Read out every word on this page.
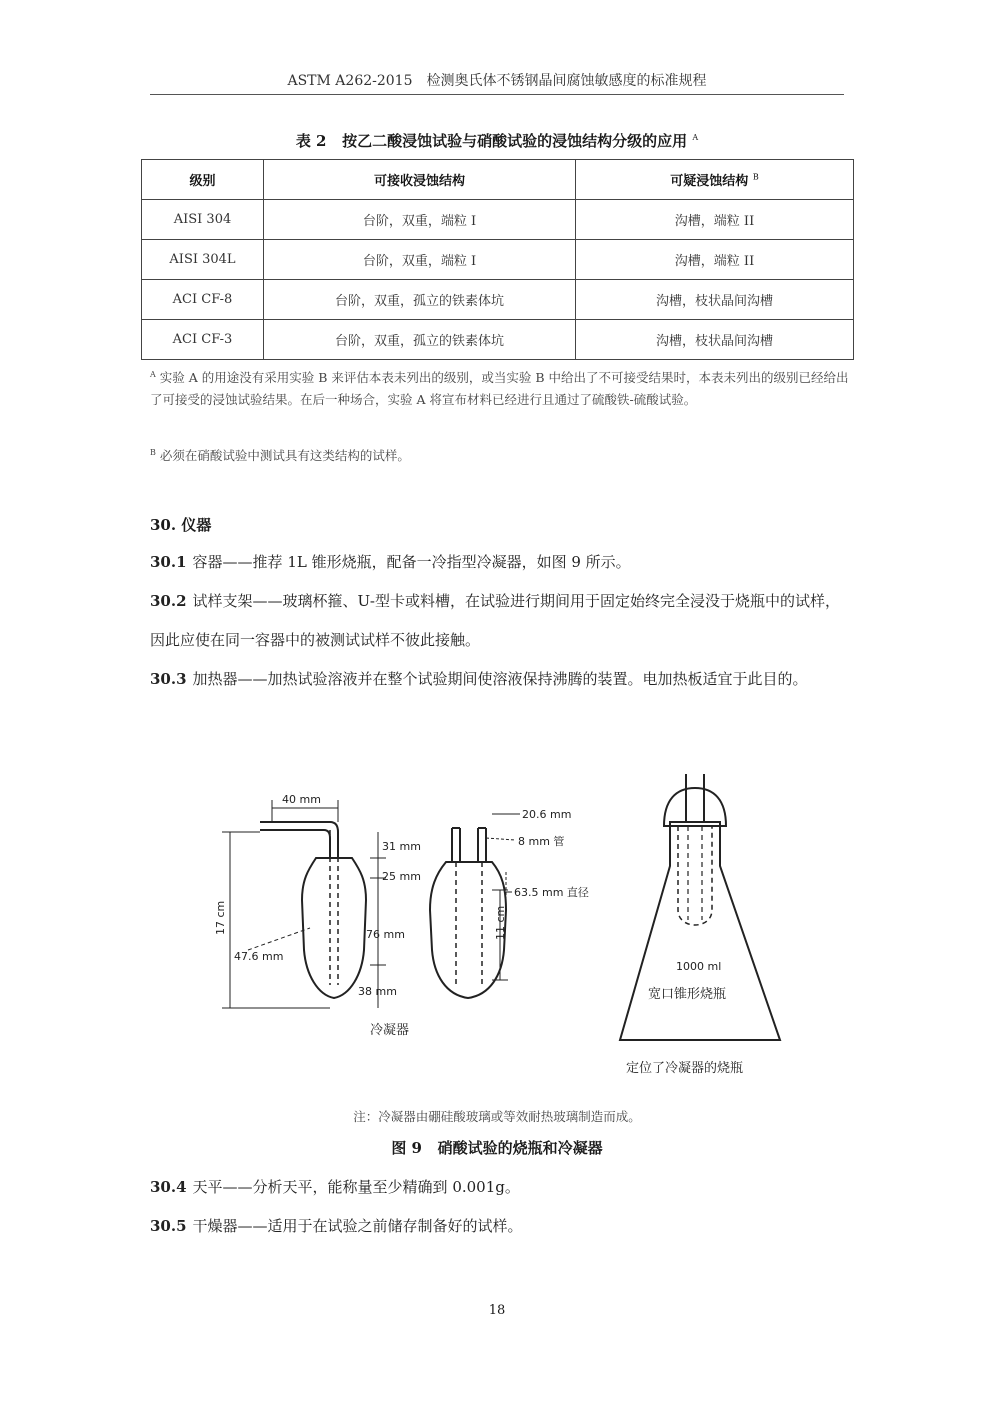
ASTM A262-2015　检测奥氏体不锈钢晶间腐蚀敏感度的标准规程
表 2 按乙二酸浸蚀试验与硝酸试验的浸蚀结构分级的应用 $^A$
级别	可接收浸蚀结构	可疑浸蚀结构 $^B$
AISI 304	台阶，双重，端粒 I	沟槽，端粒 II
AISI 304L	台阶，双重，端粒 I	沟槽，端粒 II
ACI CF-8	台阶，双重，孤立的铁素体坑	沟槽，枝状晶间沟槽
ACI CF-3	台阶，双重，孤立的铁素体坑	沟槽，枝状晶间沟槽
$^A$ 实验 A 的用途没有采用实验 B 来评估本表未列出的级别，或当实验 B 中给出了不可接受结果时，本表未列出的级别已经给出了可接受的浸蚀试验结果。在后一种场合，实验 A 将宣布材料已经进行且通过了硫酸铁-硫酸试验。
$^B$ 必须在硝酸试验中测试具有这类结构的试样。
30. 仪器
30.1 容器——推荐 1L 锥形烧瓶，配备一冷指型冷凝器，如图 9 所示。
30.2 试样支架——玻璃杯箍、U-型卡或料槽，在试验进行期间用于固定始终完全浸没于烧瓶中的试样，因此应使在同一容器中的被测试试样不彼此接触。
30.3 加热器——加热试验溶液并在整个试验期间使溶液保持沸腾的装置。电加热板适宜于此目的。
40 mm
31 mm
25 mm
17 cm	76 mm
47.6 mm
38 mm
冷凝器
20.6 mm
8 mm 管
63.5 mm 直径
11 cm
1000 ml
宽口锥形烧瓶
定位了冷凝器的烧瓶
注：冷凝器由硼硅酸玻璃或等效耐热玻璃制造而成。
图 9 硝酸试验的烧瓶和冷凝器
30.4 天平——分析天平，能称量至少精确到 0.001g。
30.5 干燥器——适用于在试验之前储存制备好的试样。
18
